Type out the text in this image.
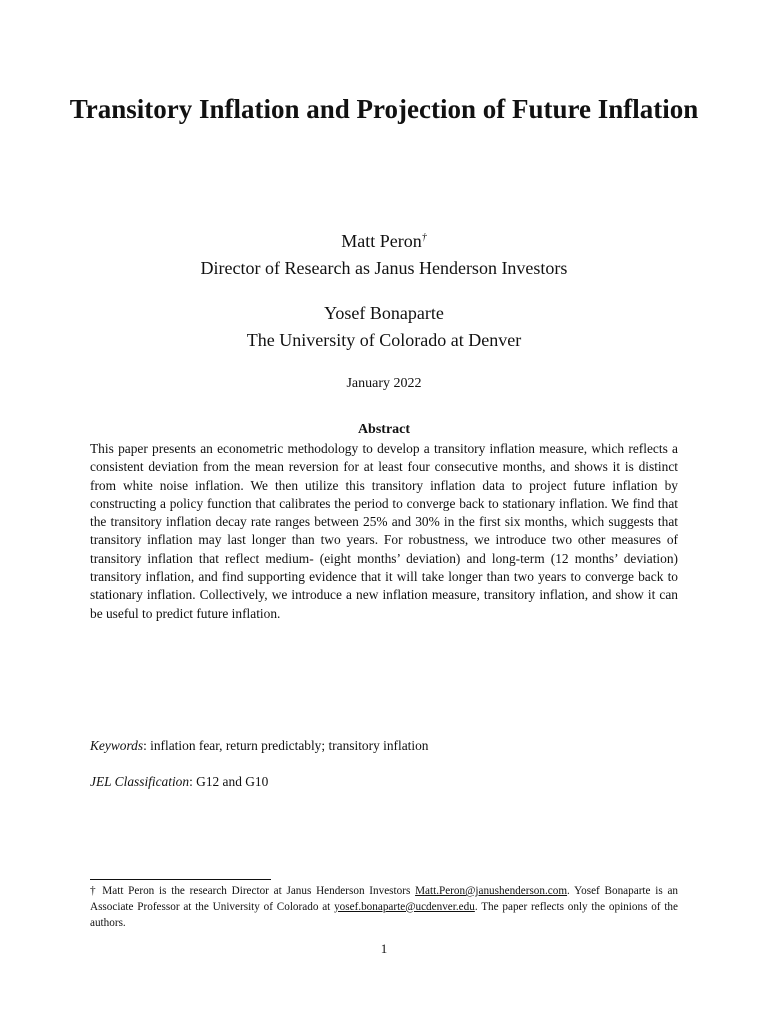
Transitory Inflation and Projection of Future Inflation
Matt Peron†
Director of Research as Janus Henderson Investors
Yosef Bonaparte
The University of Colorado at Denver
January 2022
Abstract

This paper presents an econometric methodology to develop a transitory inflation measure, which reflects a consistent deviation from the mean reversion for at least four consecutive months, and shows it is distinct from white noise inflation. We then utilize this transitory inflation data to project future inflation by constructing a policy function that calibrates the period to converge back to stationary inflation. We find that the transitory inflation decay rate ranges between 25% and 30% in the first six months, which suggests that transitory inflation may last longer than two years. For robustness, we introduce two other measures of transitory inflation that reflect medium- (eight months’ deviation) and long-term (12 months’ deviation) transitory inflation, and find supporting evidence that it will take longer than two years to converge back to stationary inflation. Collectively, we introduce a new inflation measure, transitory inflation, and show it can be useful to predict future inflation.

Keywords: inflation fear, return predictably; transitory inflation
JEL Classification: G12 and G10

† Matt Peron is the research Director at Janus Henderson Investors Matt.Peron@janushenderson.com. Yosef Bonaparte is an Associate Professor at the University of Colorado at yosef.bonaparte@ucdenver.edu. The paper reflects only the opinions of the authors.

1
